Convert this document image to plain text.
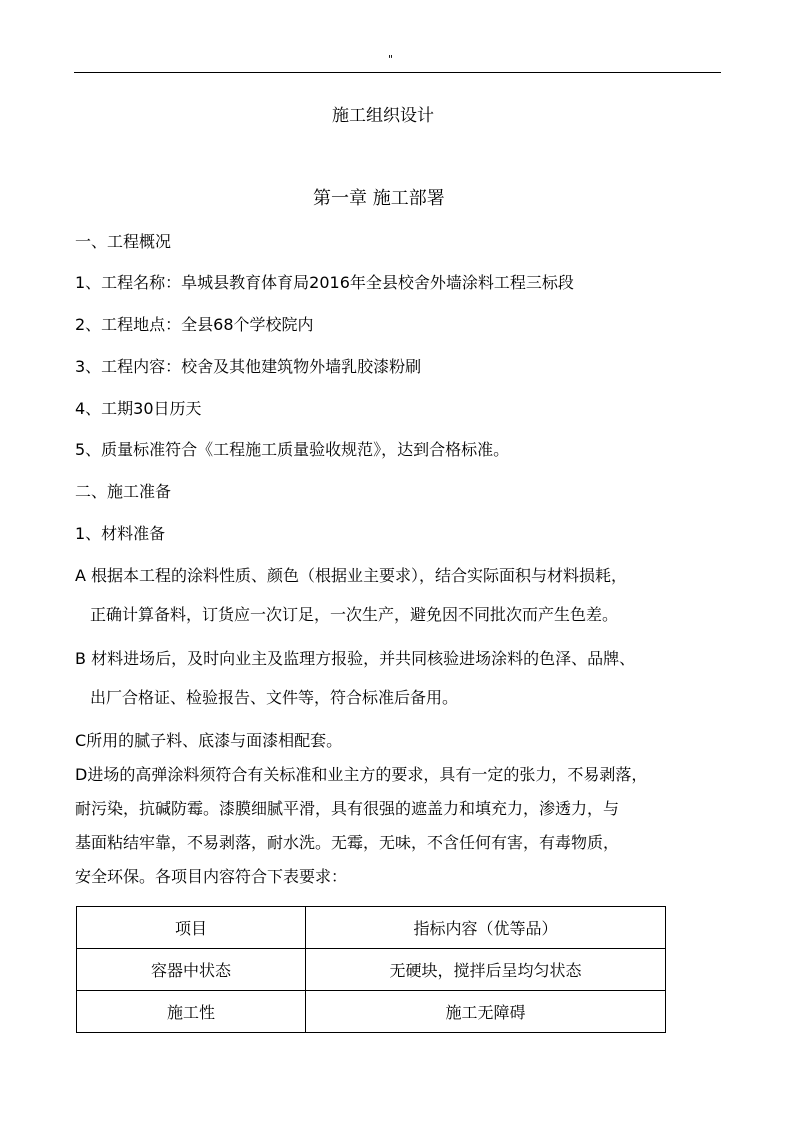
"
施工组织设计
第一章 施工部署
一、工程概况
1、工程名称：阜城县教育体育局2016年全县校舍外墙涂料工程三标段
2、工程地点：全县68个学校院内
3、工程内容：校舍及其他建筑物外墙乳胶漆粉刷
4、工期30日历天
5、质量标准符合《工程施工质量验收规范》，达到合格标准。
二、施工准备
1、材料准备
A 根据本工程的涂料性质、颜色（根据业主要求），结合实际面积与材料损耗，
正确计算备料，订货应一次订足，一次生产，避免因不同批次而产生色差。
B 材料进场后，及时向业主及监理方报验，并共同核验进场涂料的色泽、品牌、
出厂合格证、检验报告、文件等，符合标准后备用。
C所用的腻子料、底漆与面漆相配套。
D进场的高弹涂料须符合有关标准和业主方的要求，具有一定的张力，不易剥落，
耐污染，抗碱防霉。漆膜细腻平滑，具有很强的遮盖力和填充力，渗透力，与
基面粘结牢靠，不易剥落，耐水洗。无霉，无味，不含任何有害，有毒物质，
安全环保。各项目内容符合下表要求：
项目	指标内容（优等品）
容器中状态	无硬块，搅拌后呈均匀状态
施工性	施工无障碍
